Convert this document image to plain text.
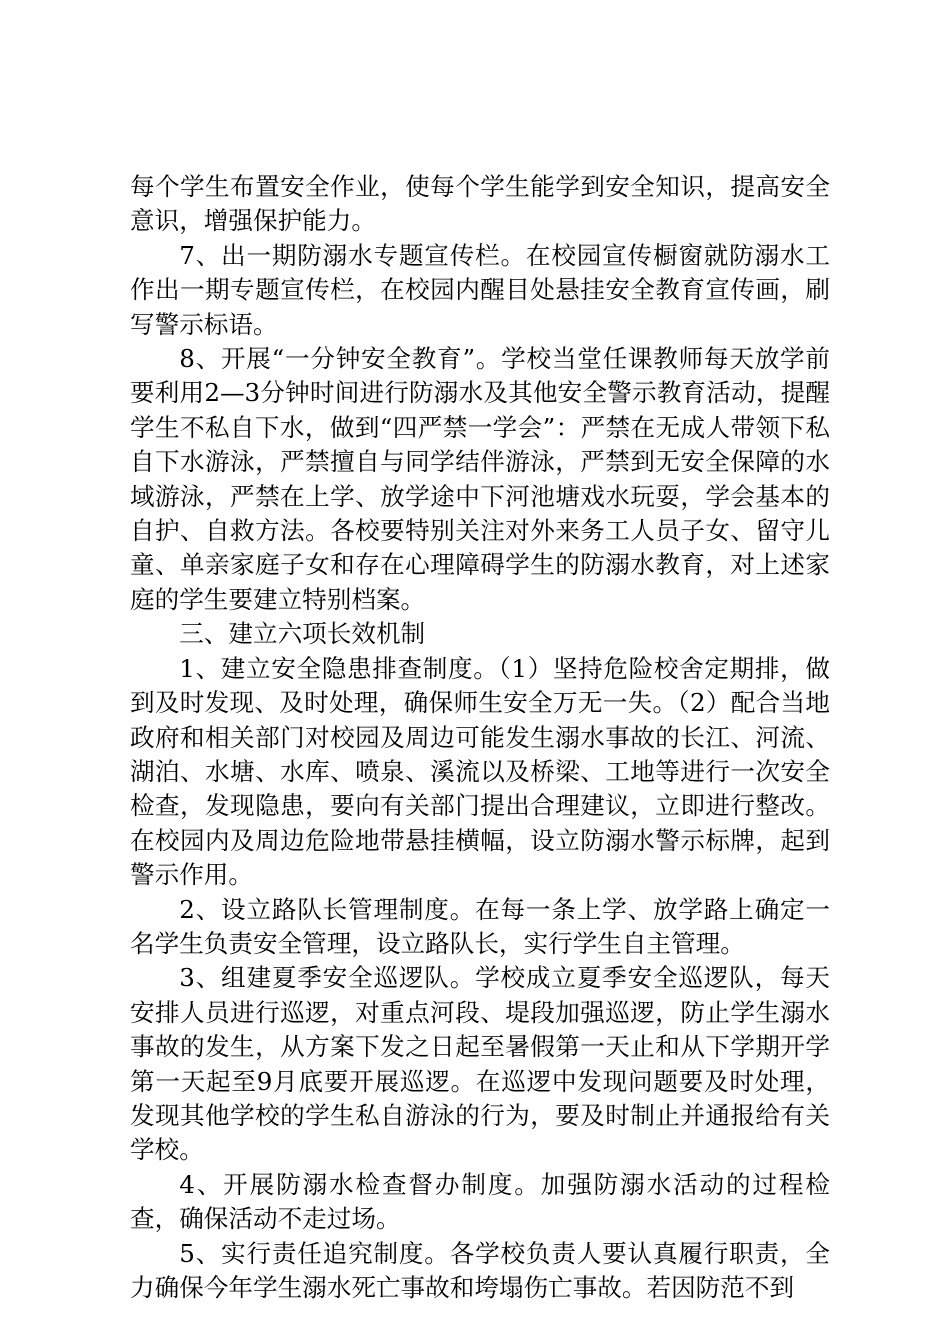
每个学生布置安全作业，使每个学生能学到安全知识，提高安全意识，增强保护能力。

7、出一期防溺水专题宣传栏。在校园宣传橱窗就防溺水工作出一期专题宣传栏，在校园内醒目处悬挂安全教育宣传画，刷写警示标语。

8、开展“一分钟安全教育”。学校当堂任课教师每天放学前要利用2—3分钟时间进行防溺水及其他安全警示教育活动，提醒学生不私自下水，做到“四严禁一学会”：严禁在无成人带领下私自下水游泳，严禁擅自与同学结伴游泳，严禁到无安全保障的水域游泳，严禁在上学、放学途中下河池塘戏水玩耍，学会基本的自护、自救方法。各校要特别关注对外来务工人员子女、留守儿童、单亲家庭子女和存在心理障碍学生的防溺水教育，对上述家庭的学生要建立特别档案。

三、建立六项长效机制

1、建立安全隐患排查制度。（1）坚持危险校舍定期排，做到及时发现、及时处理，确保师生安全万无一失。（2）配合当地政府和相关部门对校园及周边可能发生溺水事故的长江、河流、湖泊、水塘、水库、喷泉、溪流以及桥梁、工地等进行一次安全检查，发现隐患，要向有关部门提出合理建议，立即进行整改。在校园内及周边危险地带悬挂横幅，设立防溺水警示标牌，起到警示作用。

2、设立路队长管理制度。在每一条上学、放学路上确定一名学生负责安全管理，设立路队长，实行学生自主管理。

3、组建夏季安全巡逻队。学校成立夏季安全巡逻队，每天安排人员进行巡逻，对重点河段、堤段加强巡逻，防止学生溺水事故的发生，从方案下发之日起至暑假第一天止和从下学期开学第一天起至9月底要开展巡逻。在巡逻中发现问题要及时处理，发现其他学校的学生私自游泳的行为，要及时制止并通报给有关学校。

4、开展防溺水检查督办制度。加强防溺水活动的过程检查，确保活动不走过场。

5、实行责任追究制度。各学校负责人要认真履行职责，全力确保今年学生溺水死亡事故和垮塌伤亡事故。若因防范不到
